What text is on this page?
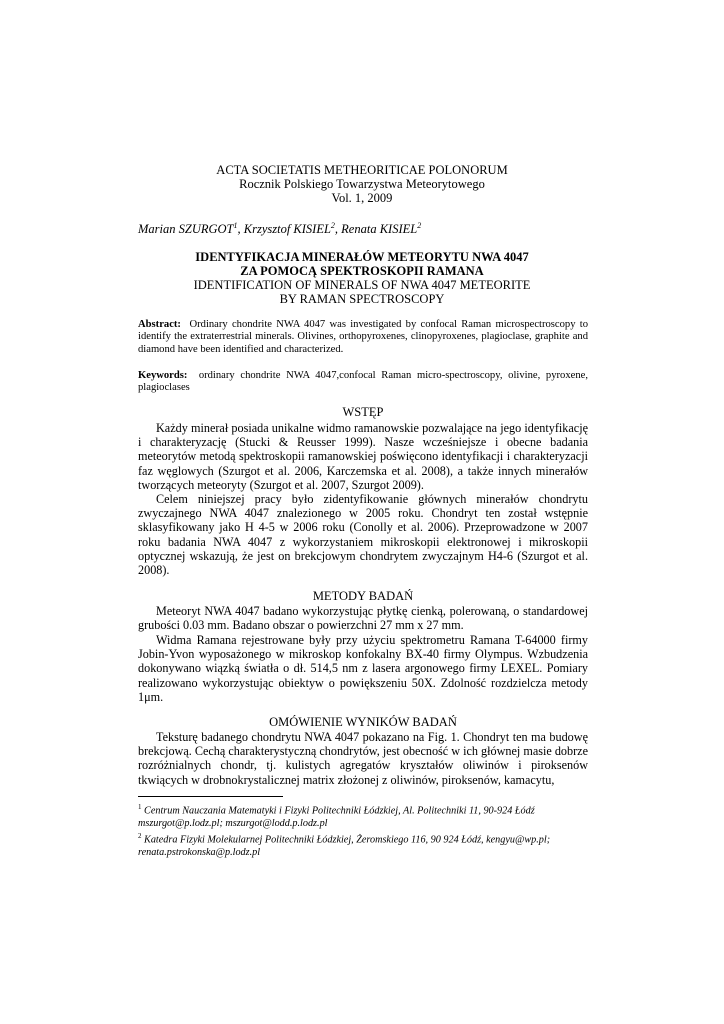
ACTA SOCIETATIS METHEORITICAE POLONORUM
Rocznik Polskiego Towarzystwa Meteorytowego
Vol. 1, 2009
Marian SZURGOT$^1$, Krzysztof KISIEL$^2$, Renata KISIEL$^2$
IDENTYFIKACJA MINERAŁÓW METEORYTU NWA 4047
ZA POMOCĄ SPEKTROSKOPII RAMANA
IDENTIFICATION OF MINERALS OF NWA 4047 METEORITE
BY RAMAN SPECTROSCOPY
Abstract: Ordinary chondrite NWA 4047 was investigated by confocal Raman microspectroscopy to identify the extraterrestrial minerals. Olivines, orthopyroxenes, clinopyroxenes, plagioclase, graphite and diamond have been identified and characterized.
Keywords: ordinary chondrite NWA 4047,confocal Raman micro-spectroscopy, olivine, pyroxene, plagioclases
WSTĘP
Każdy minerał posiada unikalne widmo ramanowskie pozwalające na jego identyfikację i charakteryzację (Stucki & Reusser 1999). Nasze wcześniejsze i obecne badania meteorytów metodą spektroskopii ramanowskiej poświęcono identyfikacji i charakteryzacji faz węglowych (Szurgot et al. 2006, Karczemska et al. 2008), a także innych minerałów tworzących meteoryty (Szurgot et al. 2007, Szurgot 2009).
Celem niniejszej pracy było zidentyfikowanie głównych minerałów chondrytu zwyczajnego NWA 4047 znalezionego w 2005 roku. Chondryt ten został wstępnie sklasyfikowany jako H 4-5 w 2006 roku (Conolly et al. 2006). Przeprowadzone w 2007 roku badania NWA 4047 z wykorzystaniem mikroskopii elektronowej i mikroskopii optycznej wskazują, że jest on brekcjowym chondrytem zwyczajnym H4-6 (Szurgot et al. 2008).
METODY BADAŃ
Meteoryt NWA 4047 badano wykorzystując płytkę cienką, polerowaną, o standardowej grubości 0.03 mm. Badano obszar o powierzchni 27 mm x 27 mm.
Widma Ramana rejestrowane były przy użyciu spektrometru Ramana T-64000 firmy Jobin-Yvon wyposażonego w mikroskop konfokalny BX-40 firmy Olympus. Wzbudzenia dokonywano wiązką światła o dł. 514,5 nm z lasera argonowego firmy LEXEL. Pomiary realizowano wykorzystując obiektyw o powiększeniu 50X. Zdolność rozdzielcza metody 1μm.
OMÓWIENIE WYNIKÓW BADAŃ
Teksturę badanego chondrytu NWA 4047 pokazano na Fig. 1. Chondryt ten ma budowę brekcjową. Cechą charakterystyczną chondrytów, jest obecność w ich głównej masie dobrze rozróżnialnych chondr, tj. kulistych agregatów kryształów oliwinów i piroksenów tkwiących w drobnokrystalicznej matrix złożonej z oliwinów, piroksenów, kamacytu,
$^1$ Centrum Nauczania Matematyki i Fizyki Politechniki Łódzkiej, Al. Politechniki 11, 90-924 Łódź mszurgot@p.lodz.pl; mszurgot@lodd.p.lodz.pl
$^2$ Katedra Fizyki Molekularnej Politechniki Łódzkiej, Żeromskiego 116, 90 924 Łódź, kengyu@wp.pl; renata.pstrokonska@p.lodz.pl
